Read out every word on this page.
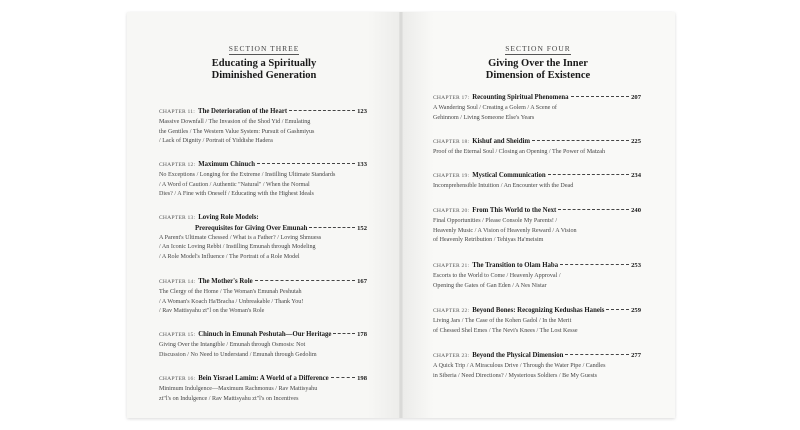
SECTION THREE
Educating a Spiritually
Diminished Generation
CHAPTER 11: The Deterioration of the Heart	123
Massive Downfall / The Invasion of the Shod Yid / Emulating
the Gentiles / The Western Value System: Pursuit of Gashmiyus
/ Lack of Dignity / Portrait of Yiddishe Hadera
CHAPTER 12: Maximum Chinuch	133
No Exceptions / Longing for the Extreme / Instilling Ultimate Standards
/ A Word of Caution / Authentic "Natural" / When the Normal
Dies? / A Fine with Oneself / Educating with the Highest Ideals
CHAPTER 13: Loving Role Models:
Prerequisites for Giving Over Emunah	152
A Parent's Ultimate Chessed / What is a Father? / Loving Shmuess
/ An Iconic Loving Rebbi / Instilling Emunah through Modeling
/ A Role Model's Influence / The Portrait of a Role Model
CHAPTER 14: The Mother's Role	167
The Clergy of the Home / The Woman's Emunah Peshutah
/ A Woman's Koach Ha'Bracha / Unbreakable / Thank You!
/ Rav Mattisyahu zt"l on the Woman's Role
CHAPTER 15: Chinuch in Emunah Peshutah—Our Heritage	178
Giving Over the Intangible / Emunah through Osmosis: Not
Discussion / No Need to Understand / Emunah through Gedolim
CHAPTER 16: Bein Yisrael Lamim: A World of a Difference	198
Minimum Indulgence—Maximum Rachmonus / Rav Mattisyahu
zt"l's on Indulgence / Rav Mattisyahu zt"l's on Incentives
SECTION FOUR
Giving Over the Inner
Dimension of Existence
CHAPTER 17: Recounting Spiritual Phenomena	207
A Wandering Soul / Creating a Golem / A Scene of
Gehinnom / Living Someone Else's Years
CHAPTER 18: Kishuf and Sheidim	225
Proof of the Eternal Soul / Closing an Opening / The Power of Matzah
CHAPTER 19: Mystical Communication	234
Incomprehensible Intuition / An Encounter with the Dead
CHAPTER 20: From This World to the Next	240
Final Opportunities / Please Console My Parents! /
Heavenly Music / A Vision of Heavenly Reward / A Vision
of Heavenly Retribution / Tehiyas Ha'meisim
CHAPTER 21: The Transition to Olam Haba	253
Escorts to the World to Come / Heavenly Approval /
Opening the Gates of Gan Eden / A Nes Nistar
CHAPTER 22: Beyond Bones: Recognizing Kedushas Haneis	259
Living Jars / The Case of the Kohen Gadol / In the Merit
of Chessed Shel Emes / The Nevi's Knees / The Lost Kesse
CHAPTER 23: Beyond the Physical Dimension	277
A Quick Trip / A Miraculous Drive / Through the Water Pipe / Candles
in Siberia / Need Directions? / Mysterious Soldiers / Be My Guests
